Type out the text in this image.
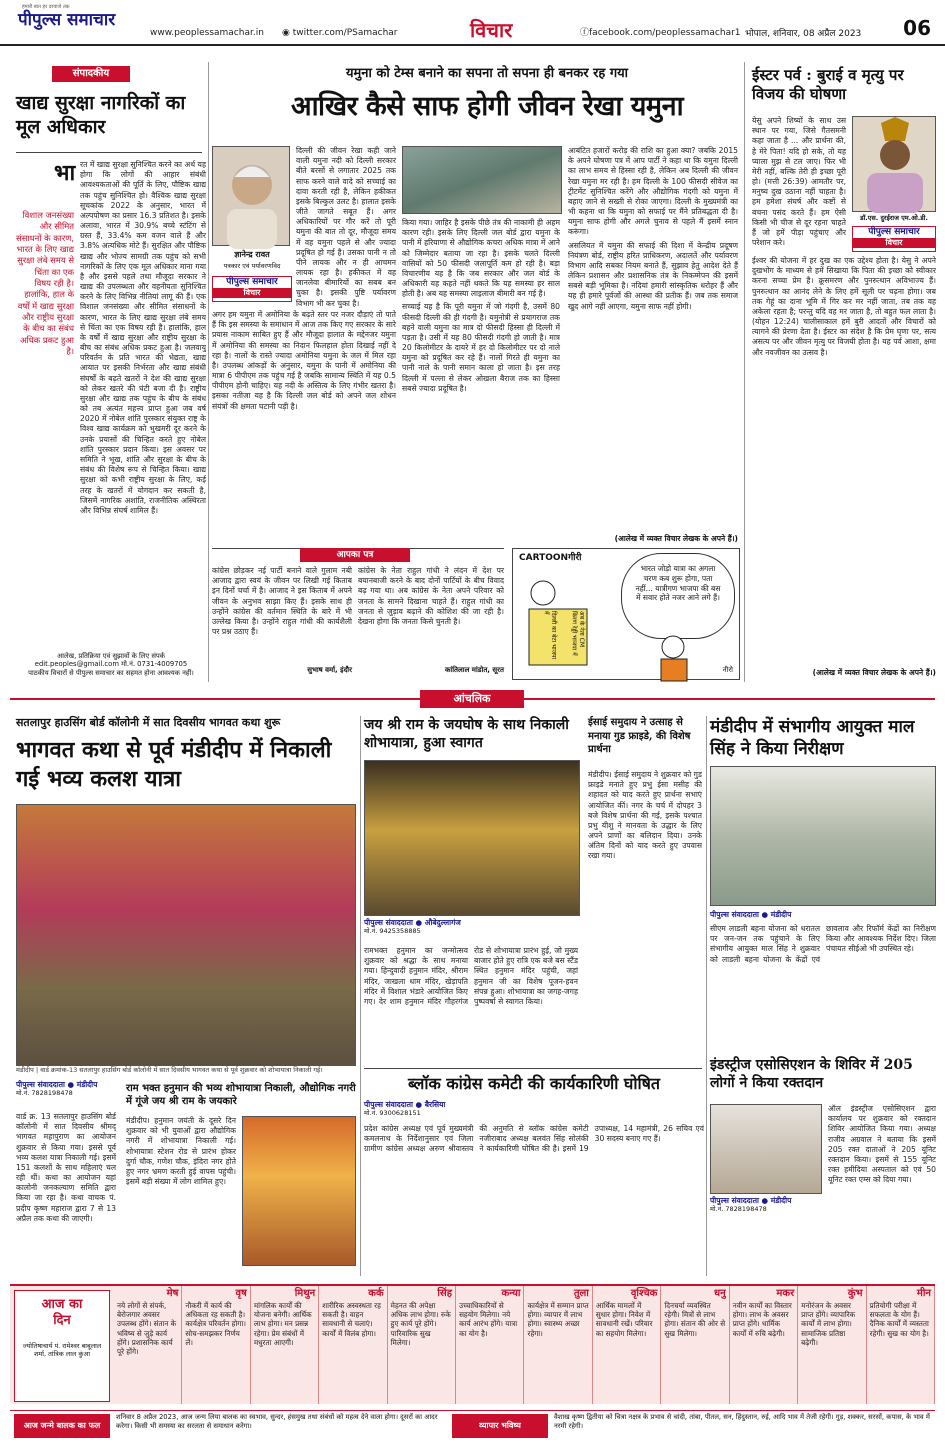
हमारी बात हर दरवाजे तक
पीपुल्स समाचार
www.peoplessamachar.in ◉ twitter.com/PSamachar	विचार	ⓕfacebook.com/peoplessamachar1 भोपाल, शनिवार, 08 अप्रैल 2023 06
संपादकीय
खाद्य सुरक्षा नागरिकों का मूल अधिकार
भा रत में खाद्य सुरक्षा सुनिश्चित करने का अर्थ यह होगा कि लोगों की आहार संबंधी आवश्यकताओं की पूर्ति के लिए, पौष्टिक खाद्य तक पहुंच सुनिश्चित हो। वैश्विक खाद्य सुरक्षा सूचकांक 2022 के अनुसार, भारत में अल्पपोषण का प्रसार 16.3 प्रतिशत है। इसके अलावा, भारत में 30.9% बच्चे स्टंटिंग से ग्रस्त हैं, 33.4% कम वजन वाले हैं और 3.8% अत्यधिक मोटे हैं। सुरक्षित और पौष्टिक खाद्य और भोज्य सामग्री तक पहुंच को सभी नागरिकों के लिए एक मूल अधिकार माना गया है और इससे पहले तथा मौजूदा सरकार ने खाद्य की उपलब्धता और वहनीयता सुनिश्चित करने के लिए विभिन्न नीतियां लागू की हैं। एक विशाल जनसंख्या और सीमित संसाधनों के कारण, भारत के लिए खाद्य सुरक्षा लंबे समय से चिंता का एक विषय रही है। हालांकि, हाल के वर्षों में खाद्य सुरक्षा और राष्ट्रीय सुरक्षा के बीच का संबंध अधिक प्रकट हुआ है। जलवायु परिवर्तन के प्रति भारत की भेद्यता, खाद्य आयात पर इसकी निर्भरता और खाद्य संबंधी संघर्षों के बढ़ते खतरों ने देश की खाद्य सुरक्षा को लेकर खतरे की घंटी बजा दी है। राष्ट्रीय सुरक्षा और खाद्य तक पहुंच के बीच के संबंध को तब अत्यंत महत्त्व प्राप्त हुआ जब वर्ष 2020 में नोबेल शांति पुरस्कार संयुक्त राष्ट्र के विश्व खाद्य कार्यक्रम को भुखमरी दूर करने के उनके प्रयासों की चिन्हित करते हुए नोबेल शांति पुरस्कार प्रदान किया। इस अवसर पर समिति ने भूख, शांति और सुरक्षा के बीच के संबंध की विशेष रूप से चिन्हित किया। खाद्य सुरक्षा को कभी राष्ट्रीय सुरक्षा के लिए, कई तरह के खतरों में योगदान कर सकती है, जिसमें नागरिक अशांति, राजनीतिक अस्थिरता और विभिन्न संघर्ष शामिल हैं।
विशाल जनसंख्या और सीमित संसाधनों के कारण, भारत के लिए खाद्य सुरक्षा लंबे समय से चिंता का एक विषय रही है। हालांकि, हाल के वर्षों में खाद्य सुरक्षा और राष्ट्रीय सुरक्षा के बीच का संबंध अधिक प्रकट हुआ है।
आलेख, प्रतिक्रिया एवं सुझावों के लिए संपर्क
edit.peoples@gmail.com मो.नं. 0731-4009705
पाठकीय विचारों से पीपुल्स समाचार का सहमत होना आवश्यक नहीं।
यमुना को टेम्स बनाने का सपना तो सपना ही बनकर रह गया
आखिर कैसे साफ होगी जीवन रेखा यमुना
ज्ञानेन्द्र रावत
पत्रकार एवं पर्यावरणविद
पीपुल्स समाचार
विचार
दिल्ली की जीवन रेखा कही जाने वाली यमुना नदी को दिल्ली सरकार बीते बरसों से लगातार 2025 तक साफ करने वाले वादे को सच्चाई का दावा करती रही है, लेकिन हकीकत इसके बिल्कुल उलट है। हालात इसके जीते जागते सबूत हैं। अगर अधिकारियों पर गौर करें तो पूरी यमुना की बात तो दूर, मौजूदा समय में वह यमुना पहले से और ज्यादा प्रदूषित हो गई है। उसका पानी न तो पीने लायक और न ही आचमन लायक रहा है। हकीकत में वह जानलेवा बीमारियों का सबब बन चुका है। इसकी पुष्टि पर्यावरण विभाग भी कर चुका है।
अगर हम यमुना में अमोनिया के बढ़ते स्तर पर नजर दौड़ाएं तो पाते हैं कि इस समस्या के समाधान में आज तक किए गए सरकार के सारे प्रयास नाकाम साबित हुए हैं और मौजूदा हालात के मद्देनजर यमुना में अमोनिया की समस्या का निदान फिलहाल होता दिखाई नहीं दे रहा है। नालों के रास्ते ज्यादा अमोनिया यमुना के जल में मिल रहा है। उपलब्ध आंकड़ों के अनुसार, यमुना के पानी में अमोनिया की मात्रा 6 पीपीएम तक पहुंच गई है जबकि सामान्य स्थिति में यह 0.5 पीपीएम होनी चाहिए। यह नदी के अस्तित्व के लिए गंभीर खतरा है। इसका नतीजा यह है कि दिल्ली जल बोर्ड को अपने जल शोधन संयंत्रों की क्षमता घटानी पड़ी है।
किया गया। जाहिर है इसके पीछे तंत्र की नाकामी ही अहम कारण रही। इसके लिए दिल्ली जल बोर्ड द्वारा यमुना के पानी में हरियाणा से औद्योगिक कचरा अधिक मात्रा में आने को जिम्मेदार बताया जा रहा है। इसके चलते दिल्ली वासियों को 50 फीसदी जलापूर्ति कम हो रही है। बड़ा विचारणीय यह है कि जब सरकार और जल बोर्ड के अधिकारी यह कहते नहीं थकते कि यह समस्या हर साल होती है। अब यह समस्या लाइलाज बीमारी बन गई है।
सच्चाई यह है कि पूरी यमुना में जो गंदगी है, उसमें 80 फीसदी दिल्ली की ही गंदगी है। यमुनोत्री से प्रयागराज तक बहने वाली यमुना का मात्र दो फीसदी हिस्सा ही दिल्ली में पड़ता है। उसी में यह 80 फीसदी गंदगी हो जाती है। मात्र 20 किलोमीटर के दायरे में हर दो किलोमीटर पर दो नाले यमुना को प्रदूषित कर रहे हैं। नालों गिरते ही यमुना का पानी नाले के पानी समान काला हो जाता है। इस तरह दिल्ली में पल्ला से लेकर ओखला बैराज तक का हिस्सा सबसे ज्यादा प्रदूषित है।
आबंटित हजारों करोड़ की राशि का हुआ क्या? जबकि 2015 के अपने घोषणा पत्र में आप पार्टी ने कहा था कि यमुना दिल्ली का लाभ समय से हिस्सा रही है, लेकिन अब दिल्ली की जीवन रेखा यमुना मर रही है। हम दिल्ली के 100 फीसदी सीवेज का ट्रीटमेंट सुनिश्चित करेंगे और औद्योगिक गंदगी को यमुना में बहाए जाने से सख्ती से रोका जाएगा। दिल्ली के मुख्यमंत्री का भी कहना था कि यमुना को सफाई पर मैंने प्रतिबद्धता दी है। यमुना साफ होगी और अगले चुनाव से पहले मैं इसमें स्नान करूंगा।
असलियत में यमुना की सफाई की दिशा में केन्द्रीय प्रदूषण नियंत्रण बोर्ड, राष्ट्रीय हरित प्राधिकरण, अदालतें और पर्यावरण विभाग आदि सबका नियम बनाते हैं, सुझाव हेतु आदेश देते हैं लेकिन प्रशासन और प्रशासनिक तंत्र के निकम्मेपन की इसमें सबसे बड़ी भूमिका है। नदियां हमारी सांस्कृतिक धरोहर हैं और यह ही हमारे पूर्वजों की आस्था की प्रतीक हैं। जब तक समाज खुद आगे नहीं आएगा, यमुना साफ नहीं होगी।
(आलेख में व्यक्त विचार लेखक के अपने हैं।)
ईस्टर पर्व : बुराई व मृत्यु पर विजय की घोषणा
येसु अपने शिष्यों के साथ उस स्थान पर गया, जिसे गैतसमनी कहा जाता है ... और प्रार्थना की, हे मेरे पिता! यदि हो सके, तो यह प्याला मुझ से टल जाए। फिर भी मेरी नहीं, बल्कि तेरी ही इच्छा पूरी हो। (मत्ती 26:39) आमतौर पर, मनुष्य दुख उठाना नहीं चाहता है। हम हमेशा संघर्ष और कष्टों से बचना पसंद करते हैं। हम ऐसी किसी भी चीज से दूर रहना चाहते हैं जो हमें पीड़ा पहुंचाए और परेशान करे।
डॉ.एस. दुरईराज एम.ओ.डी.
पीपुल्स समाचार
विचार
ईश्वर की योजना में हर दुख का एक उद्देश्य होता है। येसु ने अपने दुखभोग के माध्यम से हमें सिखाया कि पिता की इच्छा को स्वीकार करना सच्चा प्रेम है। क्रूसमरण और पुनरुत्थान अविभाज्य हैं। पुनरुत्थान का आनंद लेने के लिए हमें सूली पर चढ़ना होगा। जब तक गेहूं का दाना भूमि में गिर कर मर नहीं जाता, तब तक वह अकेला रहता है; परन्तु यदि वह मर जाता है, तो बहुत फल लाता है। (योहन 12:24) चालीसाकाल हमें बुरी आदतों और विचारों को त्यागने की प्रेरणा देता है। ईस्टर का संदेश है कि प्रेम घृणा पर, सत्य असत्य पर और जीवन मृत्यु पर विजयी होता है। यह पर्व आशा, क्षमा और नवजीवन का उत्सव है।
(आलेख में व्यक्त विचार लेखक के अपने हैं।)
आपका पत्र
कांग्रेस छोड़कर नई पार्टी बनाने वाले गुलाम नबी आजाद द्वारा स्वयं के जीवन पर लिखी गई किताब इन दिनों चर्चा में है। आजाद ने इस किताब में अपने जीवन के अनुभव साझा किए हैं। इसके साथ ही उन्होंने कांग्रेस की वर्तमान स्थिति के बारे में भी उल्लेख किया है। उन्होंने राहुल गांधी की कार्यशैली पर प्रश्न उठाए हैं।
सुभाष वर्मा, इंदौर
कांग्रेस के नेता राहुल गांधी ने लंदन में देश पर बयानबाजी करने के बाद दोनों पार्टियों के बीच विवाद बढ़ गया था। अब कांग्रेस के नेता अपने परिवार को जनता के सामने दिखाना चाहते हैं। राहुल गांधी का जनता से जुड़ाव बढ़ाने की कोशिश की जा रही है। देखना होगा कि जनता किसे चुनती है।
कांतिलाल मांडोत, सूरत
CARTOONगीरी
भारत जोड़ो यात्रा का अगला चरण कब शुरू होगा, पता नहीं... यात्रीगण भाजपा की बस में सवार होते नजर आने लगे हैं।
दिल्ली का बेटा भाजपा में	अब के नेता CM किरण रेड्डी भाजपा में
नीरो
आंचलिक
सतलापुर हाउसिंग बोर्ड कॉलोनी में सात दिवसीय भागवत कथा शुरू
भागवत कथा से पूर्व मंडीदीप में निकाली गई भव्य कलश यात्रा
मंडीदीप | वार्ड क्रमांक-13 सतलापुर हाउसिंग बोर्ड कॉलोनी में सात दिवसीय भागवत कथा से पूर्व शुक्रवार को शोभायात्रा निकाली गई।
पीपुल्स संवाददाता ● मंडीदीप
मो.नं. 7828198478
वार्ड क्र. 13 सतलापुर हाउसिंग बोर्ड कॉलोनी में सात दिवसीय श्रीमद् भागवत महापुराण का आयोजन शुक्रवार से किया गया। इससे पूर्व भव्य कलश यात्रा निकाली गई। इसमें 151 कलशों के साथ महिलाएं चल रही थीं। कथा का आयोजन यहां कालोनी जनकल्याण समिति द्वारा किया जा रहा है। कथा वाचक पं. प्रदीप कृष्ण महाराज द्वारा 7 से 13 अप्रैल तक कथा की जाएगी।
राम भक्त हनुमान की भव्य शोभायात्रा निकाली, औद्योगिक नगरी में गूंजे जय श्री राम के जयकारे
मंडीदीप। हनुमान जयंती के दूसरे दिन शुक्रवार को भी युवाओं द्वारा औद्योगिक नगरी में शोभायात्रा निकाली गई। शोभायात्रा स्टेशन रोड से प्रारंभ होकर दुर्गा चौक, गणेश चौक, इंदिरा नगर होते हुए नगर भ्रमण करती हुई वापस पहुंची। इसमें बड़ी संख्या में लोग शामिल हुए।
जय श्री राम के जयघोष के साथ निकाली शोभायात्रा, हुआ स्वागत
पीपुल्स संवाददाता ● औबेदुल्लागंज
मो.नं. 9425358885
रामभक्त हनुमान का जन्मोत्सव शुक्रवार को श्रद्धा के साथ मनाया गया। हिन्दुवादी हनुमान मंदिर, श्रीराम मंदिर, जाखला धाम मंदिर, खेड़ापति मंदिर में विशाल भंडारे आयोजित किए गए। देर शाम हनुमान मंदिर गौहरगंज रोड से शोभायात्रा प्रारंभ हुई, जो मुख्य बाजार होते हुए रात्रि एक बजे बस स्टैंड स्थित हनुमान मंदिर पहुंची, जहां हनुमान जी का विशेष पूजन-हवन संपन्न हुआ। शोभायात्रा का जगह-जगह पुष्पवर्षा से स्वागत किया।
ईसाई समुदाय ने उत्साह से मनाया गुड फ्राइडे, की विशेष प्रार्थना
मंडीदीप। ईसाई समुदाय ने शुक्रवार को गुड फ्राइडे मनाते हुए प्रभु ईसा मसीह की शहादत को याद करते हुए प्रार्थना सभाएं आयोजित कीं। नगर के चर्च में दोपहर 3 बजे विशेष प्रार्थना की गई, इसके पश्चात प्रभु यीशु ने मानवता के उद्धार के लिए अपने प्राणों का बलिदान दिया। उनके अंतिम दिनों को याद करते हुए उपवास रखा गया।
मंडीदीप में संभागीय आयुक्त माल सिंह ने किया निरीक्षण
पीपुल्स संवाददाता ● मंडीदीप
सीएम लाडली बहना योजना को धरातल पर जन-जन तक पहुंचाने के लिए संभागीय आयुक्त माल सिंह ने शुक्रवार को लाडली बहना योजना के केंद्रों एवं छावलाव और रिफॉर्म केंद्रों का निरीक्षण किया और आवश्यक निर्देश दिए। जिला पंचायत सीईओ भी उपस्थित रहे।
ब्लॉक कांग्रेस कमेटी की कार्यकारिणी घोषित
पीपुल्स संवाददाता ● बैरसिया
मो.नं. 9300628151
प्रदेश कांग्रेस अध्यक्ष एवं पूर्व मुख्यमंत्री कमलनाथ के निर्देशानुसार एवं जिला ग्रामीण कांग्रेस अध्यक्ष अरुण श्रीवास्तव की अनुमति से ब्लॉक कांग्रेस कमेटी नजीराबाद अध्यक्ष बलवंत सिंह सोलंकी ने कार्यकारिणी घोषित की है। इसमें 19 उपाध्यक्ष, 14 महामंत्री, 26 सचिव एवं 30 सदस्य बनाए गए हैं।
इंडस्ट्रीज एसोसिएशन के शिविर में 205 लोगों ने किया रक्तदान
पीपुल्स संवाददाता ● मंडीदीप
मो.नं. 7828198478
ऑल इंडस्ट्रीज एसोसिएशन द्वारा कार्यालय पर शुक्रवार को रक्तदान शिविर आयोजित किया गया। अध्यक्ष राजीव अग्रवाल ने बताया कि इसमें 205 रक्त दाताओं ने 205 यूनिट रक्तदान किया। इसमें से 155 यूनिट रक्त हमीदिया अस्पताल को एवं 50 यूनिट रक्त एम्स को दिया गया।
आज का
दिन
ज्योतिषाचार्य पं. रामेश्वर बाबूलाल शर्मा, तांत्रिक लाल कुंआ
मेष
नये लोगों से संपर्क, बेरोजगार अवसर उपलब्ध होंगे। संतान के भविष्य से जुड़े कार्य होंगे। प्रशासनिक कार्य पूरे होंगे।
वृष
नौकरी में कार्य की अधिकता रह सकती है। कार्यक्षेत्र परिवर्तन होगा। सोच-समझकर निर्णय लें।
मिथुन
मांगलिक कार्यों की योजना बनेगी। आर्थिक लाभ होगा। मन प्रसन्न रहेगा। प्रेम संबंधों में मधुरता आएगी।
कर्क
शारीरिक अस्वस्थता रह सकती है। वाहन सावधानी से चलाएं। कार्यों में विलंब होगा।
सिंह
मेहनत की अपेक्षा अधिक लाभ होगा। रुके हुए कार्य पूरे होंगे। पारिवारिक सुख मिलेगा।
कन्या
उच्चाधिकारियों से सहयोग मिलेगा। नये कार्य आरंभ होंगे। यात्रा का योग है।
तुला
कार्यक्षेत्र में सम्मान प्राप्त होगा। व्यापार में लाभ होगा। स्वास्थ्य अच्छा रहेगा।
वृश्चिक
आर्थिक मामलों में सुधार होगा। निवेश में सावधानी रखें। परिवार का सहयोग मिलेगा।
धनु
दिनचर्या व्यवस्थित रहेगी। मित्रों से लाभ होगा। संतान की ओर से सुख मिलेगा।
मकर
नवीन कार्यों का विस्तार होगा। लाभ के अवसर प्राप्त होंगे। धार्मिक कार्यों में रुचि बढ़ेगी।
कुंभ
मनोरंजन के अवसर प्राप्त होंगे। व्यापारिक कार्यों में लाभ होगा। सामाजिक प्रतिष्ठा बढ़ेगी।
मीन
प्रतियोगी परीक्षा में सफलता के योग हैं। दैनिक कार्यों में व्यस्तता रहेगी। सुख का योग है।
आज जन्मे बालक का फल
शनिवार 8 अप्रैल 2023, आज जन्म लिया बालक का स्वभाव, सुन्दर, हंसमुख तथा संबंधों को महत्व देने वाला होगा। दूसरों का आदर करेगा। किसी भी समस्या का सरलता से समाधान करेगा।	व्यापार भविष्य
वैशाख कृष्ण द्वितीया को चित्रा नक्षत्र के प्रभाव से चांदी, तांबा, पीतल, सन, हिंदुस्तान, रुई, आदि भाव में तेजी रहेगी। गुड़, शक्कर, सरसों, कपास, के भाव में नरमी रहेगी।
